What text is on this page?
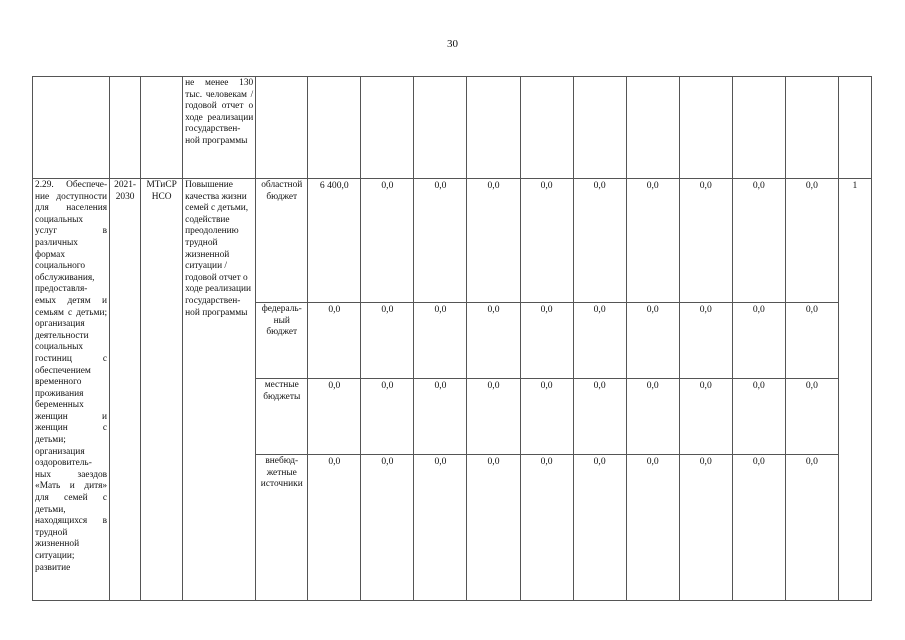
30
			не менее 130 тыс. человекам / годовой отчет о ходе реализации государствен-ной программы												
2.29. Обеспече-ние доступности для населения социальных услуг в различных формах социального обслуживания, предоставля-емых детям и семьям с детьми; организация деятельности социальных гостиниц с обеспечением временного проживания беременных женщин и женщин с детьми; организация оздоровитель-ных заездов «Мать и дитя» для семей с детьми, находящихся в трудной жизненной ситуации; развитие	2021-2030	МТиСР НСО	Повышение качества жизни семей с детьми, содействие преодолению трудной жизненной ситуации / годовой отчет о ходе реализации государствен-ной программы	областной бюджет	6 400,0	0,0	0,0	0,0	0,0	0,0	0,0	0,0	0,0	0,0	1
				федераль-ный бюджет	0,0	0,0	0,0	0,0	0,0	0,0	0,0	0,0	0,0	0,0	
				местные бюджеты	0,0	0,0	0,0	0,0	0,0	0,0	0,0	0,0	0,0	0,0	
				внебюд-жетные источники	0,0	0,0	0,0	0,0	0,0	0,0	0,0	0,0	0,0	0,0	
